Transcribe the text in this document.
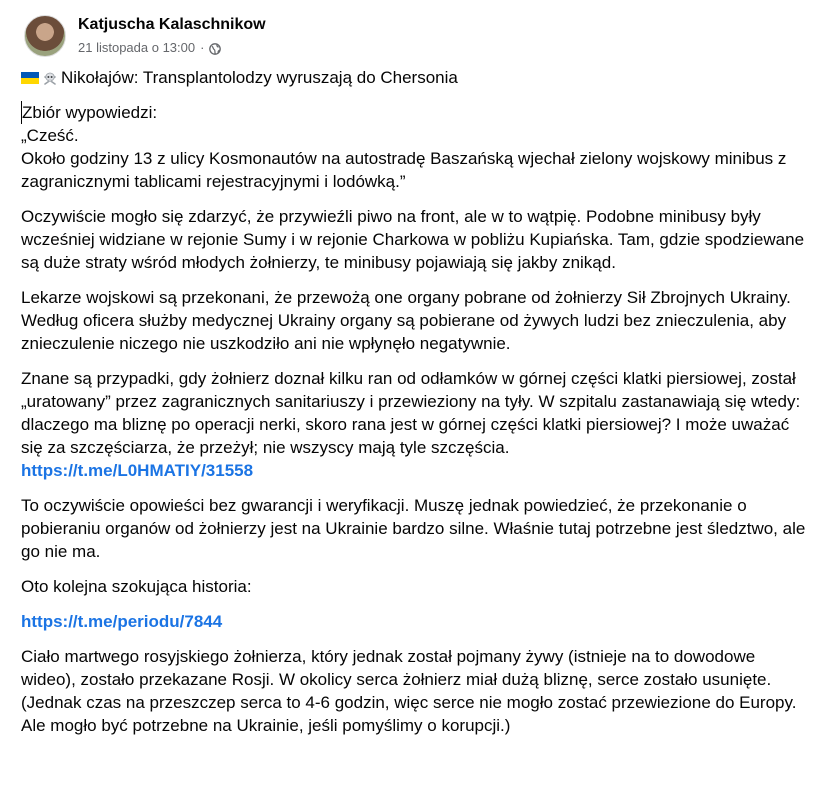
Katjuscha Kalaschnikow
21 listopada o 13:00 ·
Nikołajów: Transplantolodzy wyruszają do Chersonia
Zbiór wypowiedzi:
„Cześć.
Około godziny 13 z ulicy Kosmonautów na autostradę Baszańską wjechał zielony wojskowy minibus z zagranicznymi tablicami rejestracyjnymi i lodówką.”

Oczywiście mogło się zdarzyć, że przywieźli piwo na front, ale w to wątpię. Podobne minibusy były wcześniej widziane w rejonie Sumy i w rejonie Charkowa w pobliżu Kupiańska. Tam, gdzie spodziewane są duże straty wśród młodych żołnierzy, te minibusy pojawiają się jakby znikąd.

Lekarze wojskowi są przekonani, że przewożą one organy pobrane od żołnierzy Sił Zbrojnych Ukrainy. Według oficera służby medycznej Ukrainy organy są pobierane od żywych ludzi bez znieczulenia, aby znieczulenie niczego nie uszkodziło ani nie wpłynęło negatywnie.

Znane są przypadki, gdy żołnierz doznał kilku ran od odłamków w górnej części klatki piersiowej, został „uratowany” przez zagranicznych sanitariuszy i przewieziony na tyły. W szpitalu zastanawiają się wtedy: dlaczego ma bliznę po operacji nerki, skoro rana jest w górnej części klatki piersiowej? I może uważać się za szczęściarza, że przeżył; nie wszyscy mają tyle szczęścia.
https://t.me/L0HMATIY/31558

To oczywiście opowieści bez gwarancji i weryfikacji. Muszę jednak powiedzieć, że przekonanie o pobieraniu organów od żołnierzy jest na Ukrainie bardzo silne. Właśnie tutaj potrzebne jest śledztwo, ale go nie ma.

Oto kolejna szokująca historia:

https://t.me/periodu/7844

Ciało martwego rosyjskiego żołnierza, który jednak został pojmany żywy (istnieje na to dowodowe wideo), zostało przekazane Rosji. W okolicy serca żołnierz miał dużą bliznę, serce zostało usunięte.
(Jednak czas na przeszczep serca to 4-6 godzin, więc serce nie mogło zostać przewiezione do Europy. Ale mogło być potrzebne na Ukrainie, jeśli pomyślimy o korupcji.)
